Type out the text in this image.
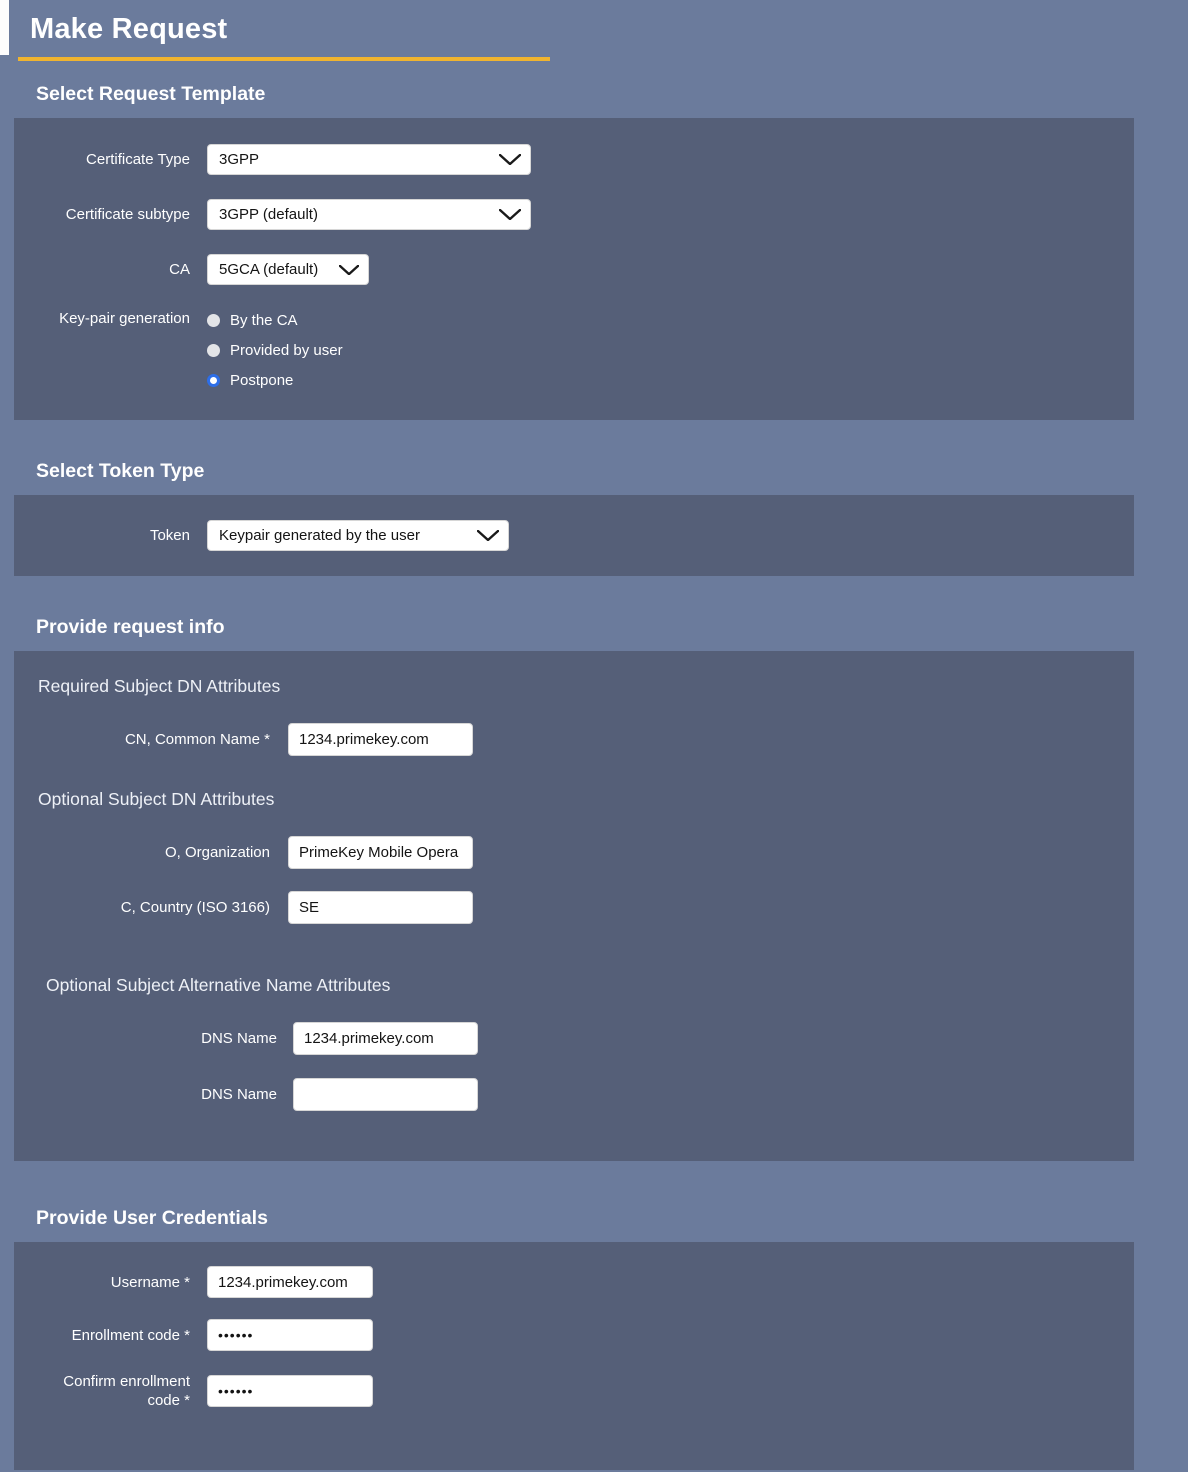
Make Request
Select Request Template
Certificate Type 3GPP
Certificate subtype 3GPP (default)
CA 5GCA (default)
Key-pair generation	By the CA
Provided by user
Postpone
Select Token Type
Token Keypair generated by the user
Provide request info
Required Subject DN Attributes
CN, Common Name *
1234.primekey.com
Optional Subject DN Attributes
O, Organization
PrimeKey Mobile Opera
C, Country (ISO 3166)
SE
Optional Subject Alternative Name Attributes
DNS Name
1234.primekey.com
DNS Name
Provide User Credentials
Username *
1234.primekey.com
Enrollment code *
••••••
Confirm enrollment code *
••••••
